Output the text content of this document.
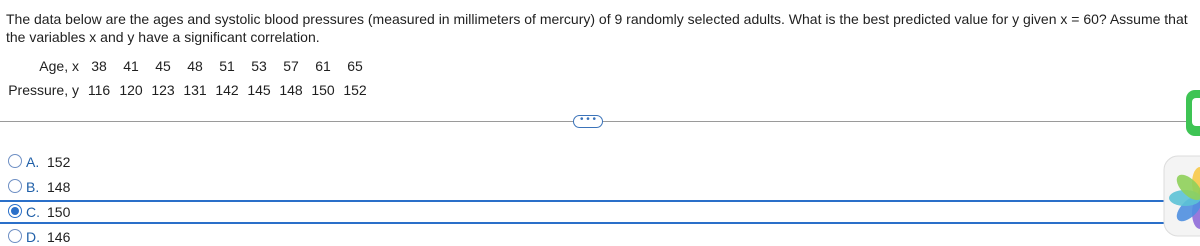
The data below are the ages and systolic blood pressures (measured in millimeters of mercury) of 9 randomly selected adults. What is the best predicted value for y given x = 60? Assume that the variables x and y have a significant correlation.

Age, x	38	41	45	48	51	53	57	61	65
Pressure, y	116	120	123	131	142	145	148	150	152
• • •
A. 152
B. 148
C. 150
D. 146
